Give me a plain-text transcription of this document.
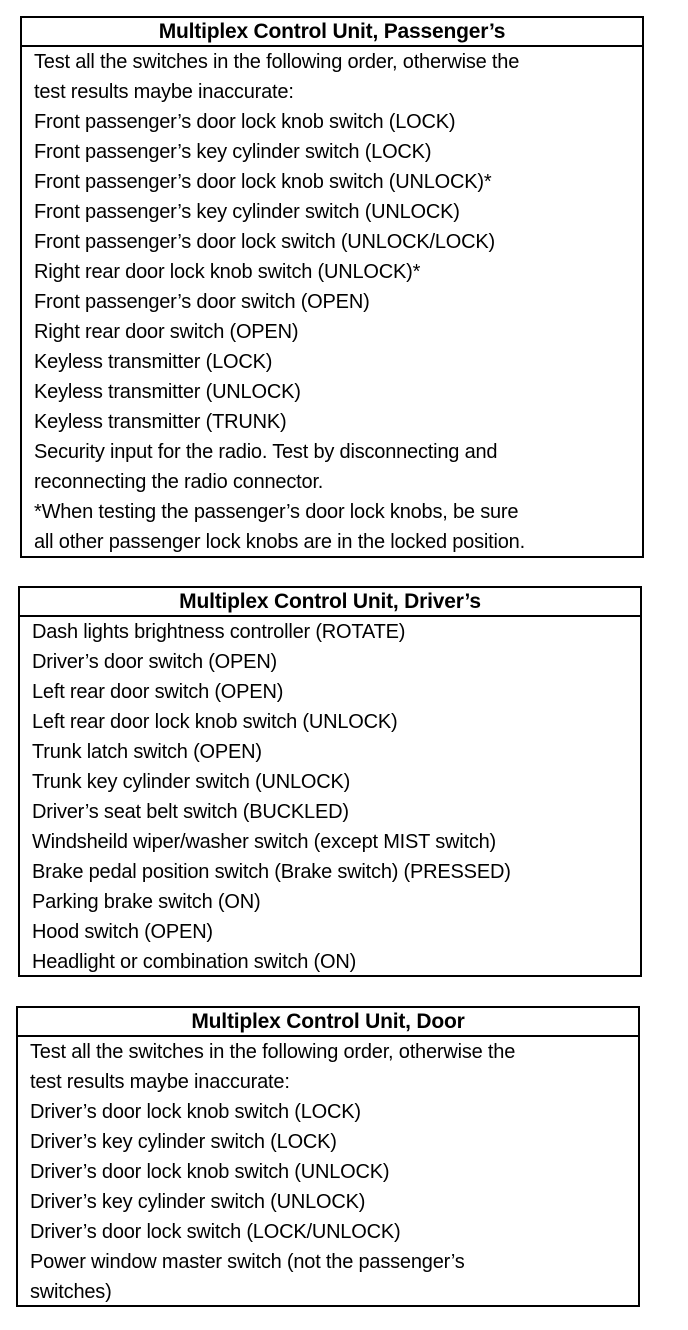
Multiplex Control Unit, Passenger’s
Test all the switches in the following order, otherwise the
test results maybe inaccurate:
Front passenger’s door lock knob switch (LOCK)
Front passenger’s key cylinder switch (LOCK)
Front passenger’s door lock knob switch (UNLOCK)*
Front passenger’s key cylinder switch (UNLOCK)
Front passenger’s door lock switch (UNLOCK/LOCK)
Right rear door lock knob switch (UNLOCK)*
Front passenger’s door switch (OPEN)
Right rear door switch (OPEN)
Keyless transmitter (LOCK)
Keyless transmitter (UNLOCK)
Keyless transmitter (TRUNK)
Security input for the radio. Test by disconnecting and
reconnecting the radio connector.
*When testing the passenger’s door lock knobs, be sure
all other passenger lock knobs are in the locked position.
Multiplex Control Unit, Driver’s
Dash lights brightness controller (ROTATE)
Driver’s door switch (OPEN)
Left rear door switch (OPEN)
Left rear door lock knob switch (UNLOCK)
Trunk latch switch (OPEN)
Trunk key cylinder switch (UNLOCK)
Driver’s seat belt switch (BUCKLED)
Windsheild wiper/washer switch (except MIST switch)
Brake pedal position switch (Brake switch) (PRESSED)
Parking brake switch (ON)
Hood switch (OPEN)
Headlight or combination switch (ON)
Multiplex Control Unit, Door
Test all the switches in the following order, otherwise the
test results maybe inaccurate:
Driver’s door lock knob switch (LOCK)
Driver’s key cylinder switch (LOCK)
Driver’s door lock knob switch (UNLOCK)
Driver’s key cylinder switch (UNLOCK)
Driver’s door lock switch (LOCK/UNLOCK)
Power window master switch (not the passenger’s
switches)
